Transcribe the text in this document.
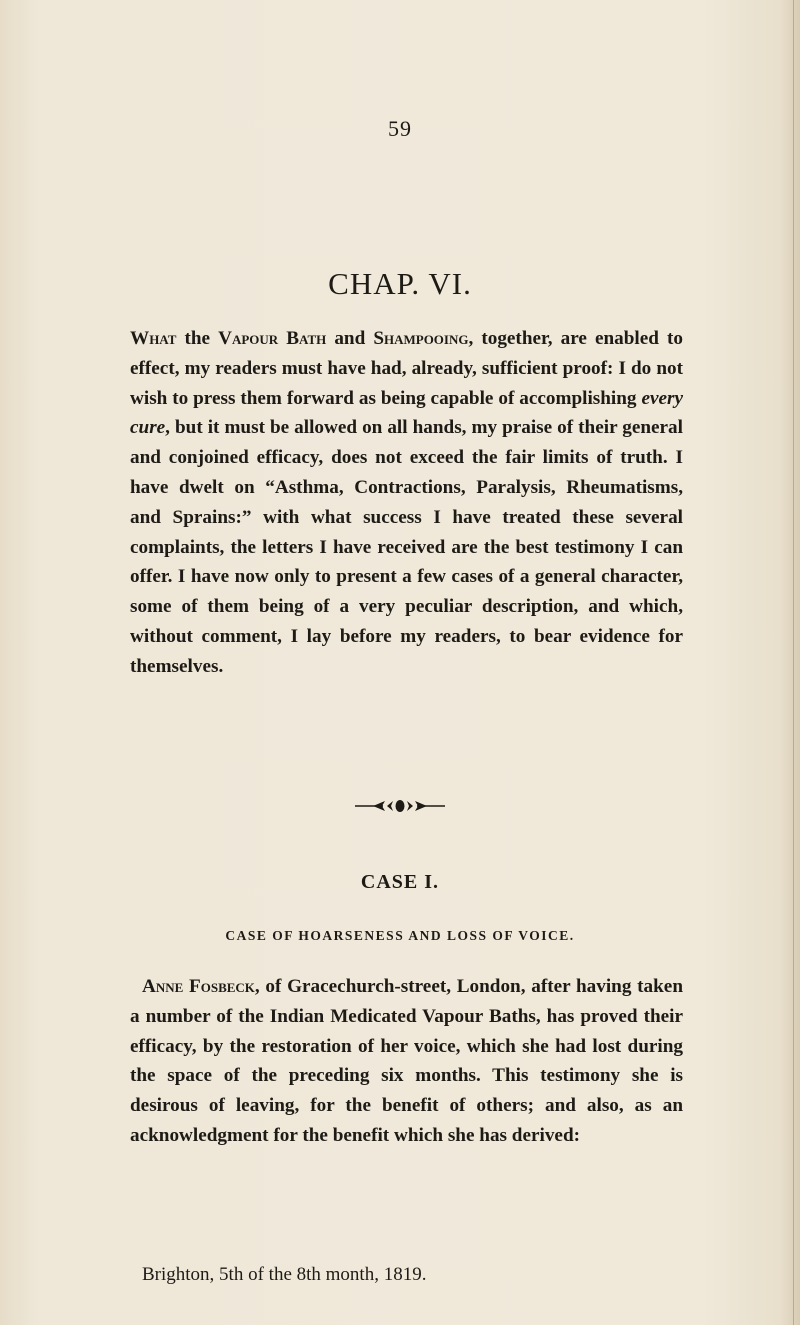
59
CHAP. VI.

What the Vapour Bath and Shampooing, together, are enabled to effect, my readers must have had, already, sufficient proof: I do not wish to press them forward as being capable of accomplishing every cure, but it must be allowed on all hands, my praise of their general and conjoined efficacy, does not exceed the fair limits of truth. I have dwelt on “Asthma, Contractions, Paralysis, Rheumatisms, and Sprains:” with what success I have treated these several complaints, the letters I have received are the best testimony I can offer. I have now only to present a few cases of a general character, some of them being of a very peculiar description, and which, without comment, I lay before my readers, to bear evidence for themselves.

CASE I.
CASE OF HOARSENESS AND LOSS OF VOICE.

Anne Fosbeck, of Gracechurch-street, London, after having taken a number of the Indian Medicated Vapour Baths, has proved their efficacy, by the restoration of her voice, which she had lost during the space of the preceding six months. This testimony she is desirous of leaving, for the benefit of others; and also, as an acknowledgment for the benefit which she has derived:

Brighton, 5th of the 8th month, 1819.
